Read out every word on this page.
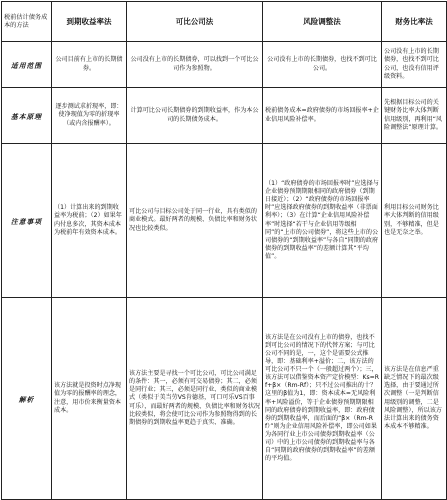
税前估计债务成本的方法	到期收益率法	可比公司法	风险调整法	财务比率法
适用范围	公司目前有上市的长期债券。	公司没有上市的长期债券，可以找到一个可比公司作为参照物。	公司没有上市的长期债券，也找不到可比公司。	公司没有上市的长期债券，也找不到可比公司，也没有信用评级资料。
基本原理	逐步测试求折现率，即：使净现值为零的折现率（或内含报酬率）。	计算可比公司长期债券的到期收益率，作为本公司的长期债务成本。	税前债务成本=政府债券的市场回报率+企业信用风险补偿率。	先根据目标公司的关键财务比率大体判断信用级别，再利用“风险调整法”原理计算。
注意事项	（1）计算出来的到期收益率为税前；（2）如果年内付息多次，其资本成本为税前年有效资本成本。	可比公司与目标公司处于同一行业，具有类似的商业模式。最好两者的规模、负债比率和财务状况也比较类似。	（1）“政府债券的市场回报率时”应选择与企业债券预期期限相同的政府债券（到期日接近）；（2）“政府债券的市场回报率时”应选择政府债券的到期收益率（非票面利率）；（3）在计算“企业信用风险补偿率”时选择“若干与企业信用等级相同”的“上市的公司债券”，将这些上市的公司债券的“到期收益率”与各自“同期的政府债券的到期收益率”的差额计算其“平均值”。	利用目标公司财务比率大体判断的信用级别，不够精准，但是也是无奈之举。
解析	该方法就是投资时点净现值为零的报酬率的理念，注意，用市价来衡量资本成本。	该方法主要是寻找一个可比公司，可比公司满足的条件：其一，必须有可交易债券；其二，必须是同行业；其三，必须是同行业、类似的商业模式（类似于美当劳VS肯德基，可口可乐VS百事可乐），而最好两者的规模、负债比率和财务状况比较类似，将会使可比公司作为参照物得到的长期债券的到期收益率更趋于真实、准确。	该方法是在公司没有上市的债券，也找不到可比公司的情况下的代替方案；与可比公司不同的是，一，这个是需要公式推导，即：基础利率+溢价；二，该方法的可比公司不只一个（一般超过两个）；三，该方法可以借鉴资本资产定价模型：Ks=Rf+β×（Rm-Rf）；只不过公司推出的十？这里的β值为1，即：资本成本=无风险利率+风险溢价，等于企业债券预期期限相同的政府债券的到期收益率，即：政府债券的到期收益率，而后面的“β×（Rm-Rf）”则为企业信用风险补偿率，即公司如果为各同行业上市公司债券到期收益率（公司）中的上市公司债券的到期收益率与各自“同期的政府债券的到期收益率”的差额的平均值。	该方法是在信息严重缺乏情况下的最次级选择，由于要通过所次调整（一是判断信用级别的调整，二是风险调整），所以该方法计算出来的债务资本成本不够精准。
